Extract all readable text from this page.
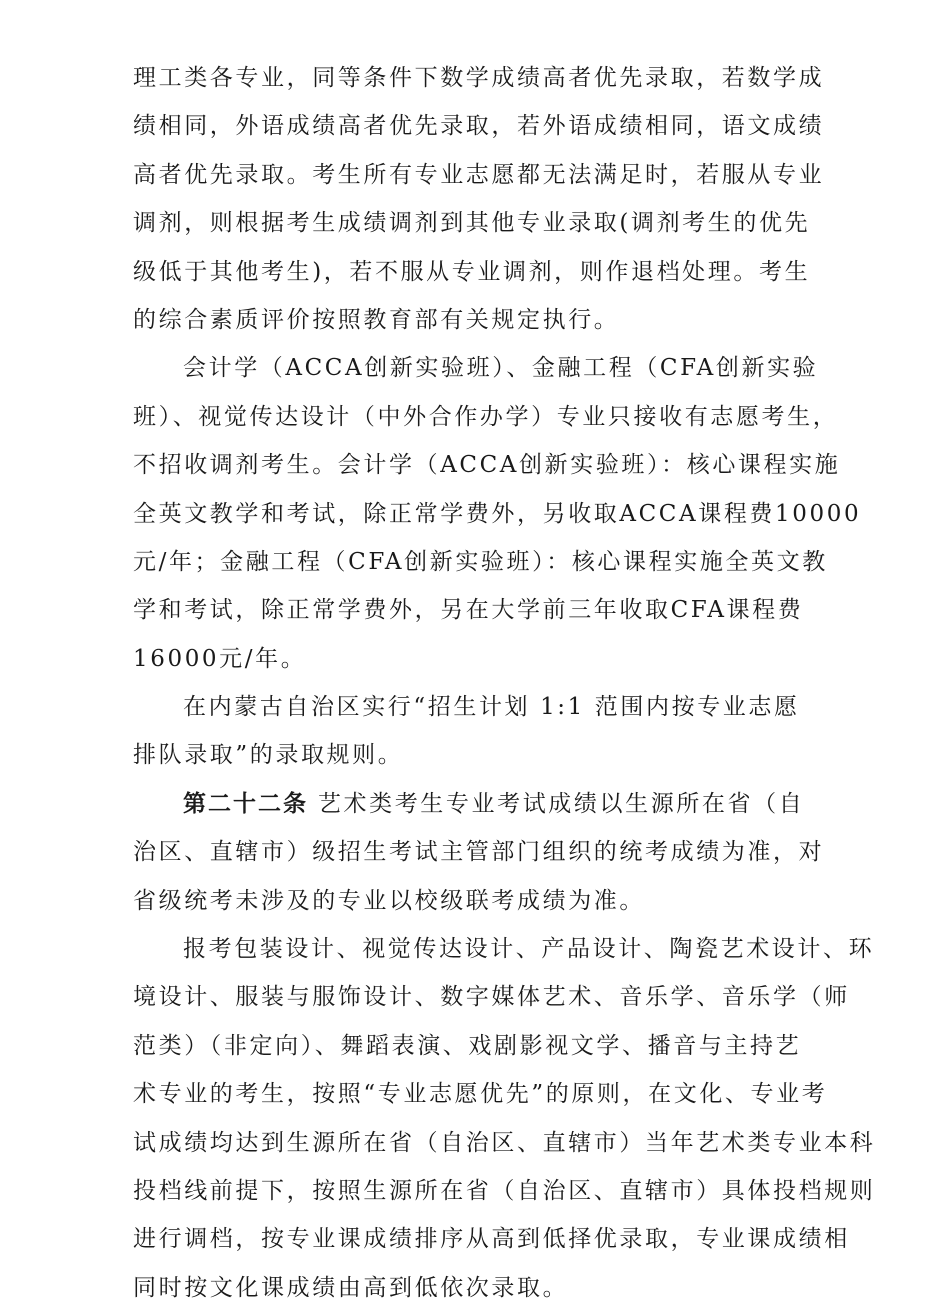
理工类各专业，同等条件下数学成绩高者优先录取，若数学成
绩相同，外语成绩高者优先录取，若外语成绩相同，语文成绩
高者优先录取。考生所有专业志愿都无法满足时，若服从专业
调剂，则根据考生成绩调剂到其他专业录取(调剂考生的优先
级低于其他考生)，若不服从专业调剂，则作退档处理。考生
的综合素质评价按照教育部有关规定执行。
会计学（ACCA创新实验班）、金融工程（CFA创新实验
班）、视觉传达设计（中外合作办学）专业只接收有志愿考生，
不招收调剂考生。会计学（ACCA创新实验班）：核心课程实施
全英文教学和考试，除正常学费外，另收取ACCA课程费10000
元/年；金融工程（CFA创新实验班）：核心课程实施全英文教
学和考试，除正常学费外，另在大学前三年收取CFA课程费
16000元/年。
在内蒙古自治区实行“招生计划 1:1 范围内按专业志愿
排队录取”的录取规则。
第二十二条 艺术类考生专业考试成绩以生源所在省（自
治区、直辖市）级招生考试主管部门组织的统考成绩为准，对
省级统考未涉及的专业以校级联考成绩为准。
报考包装设计、视觉传达设计、产品设计、陶瓷艺术设计、环
境设计、服装与服饰设计、数字媒体艺术、音乐学、音乐学（师
范类）（非定向）、舞蹈表演、戏剧影视文学、播音与主持艺
术专业的考生，按照“专业志愿优先”的原则，在文化、专业考
试成绩均达到生源所在省（自治区、直辖市）当年艺术类专业本科
投档线前提下，按照生源所在省（自治区、直辖市）具体投档规则
进行调档，按专业课成绩排序从高到低择优录取，专业课成绩相
同时按文化课成绩由高到低依次录取。
